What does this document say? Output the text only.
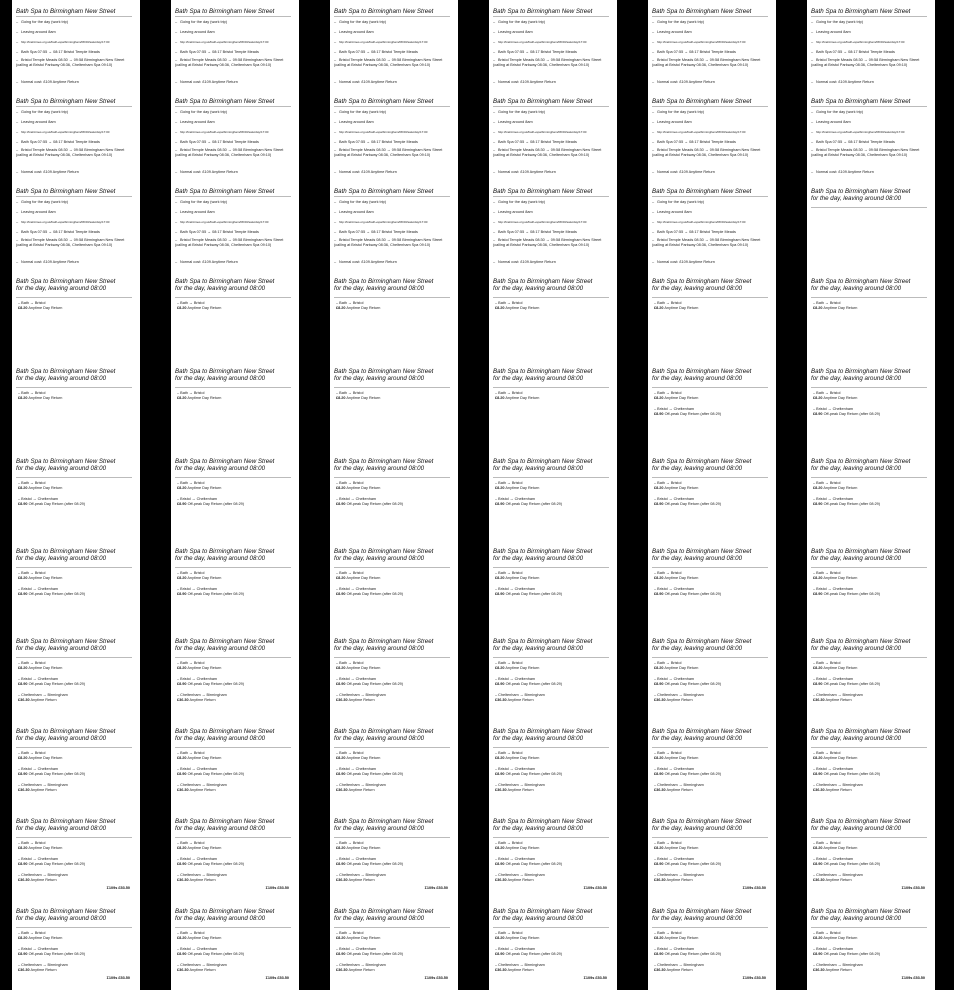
Bath Spa to Birmingham New Street
– Going for the day (work trip)
– Leaving around 8am
– http://traintimes.org.uk/bath+spa/birmingham/08:00/saturday/17:00
– Bath Spa 07:55 → 08:17 Bristol Temple Meads
– Bristol Temple Meads 08:30 → 09:58 Birmingham New Street (calling at Bristol Parkway 08:36, Cheltenham Spa 09:10)
– Normal cost: £109 Anytime Return
Bath Spa to Birmingham New Street
– Going for the day (work trip)
– Leaving around 8am
– http://traintimes.org.uk/bath+spa/birmingham/08:00/saturday/17:00
– Bath Spa 07:55 → 08:17 Bristol Temple Meads
– Bristol Temple Meads 08:30 → 09:58 Birmingham New Street (calling at Bristol Parkway 08:36, Cheltenham Spa 09:10)
– Normal cost: £109 Anytime Return
Bath Spa to Birmingham New Street
– Going for the day (work trip)
– Leaving around 8am
– http://traintimes.org.uk/bath+spa/birmingham/08:00/saturday/17:00
– Bath Spa 07:55 → 08:17 Bristol Temple Meads
– Bristol Temple Meads 08:30 → 09:58 Birmingham New Street (calling at Bristol Parkway 08:36, Cheltenham Spa 09:10)
– Normal cost: £109 Anytime Return
Bath Spa to Birmingham New Street
for the day, leaving around 08:00
– Bath → Bristol
£8.20 Anytime Day Return
Bath Spa to Birmingham New Street
for the day, leaving around 08:00
– Bath → Bristol
£8.20 Anytime Day Return
Bath Spa to Birmingham New Street
for the day, leaving around 08:00
– Bath → Bristol
£8.20 Anytime Day Return
– Bristol → Cheltenham
£8.90 Off-peak Day Return (after 08:29)
Bath Spa to Birmingham New Street
for the day, leaving around 08:00
– Bath → Bristol
£8.20 Anytime Day Return
– Bristol → Cheltenham
£8.90 Off-peak Day Return (after 08:29)
Bath Spa to Birmingham New Street
for the day, leaving around 08:00
– Bath → Bristol
£8.20 Anytime Day Return
– Bristol → Cheltenham
£8.90 Off-peak Day Return (after 08:29)
– Cheltenham → Birmingham
£36.30 Anytime Return
Bath Spa to Birmingham New Street
for the day, leaving around 08:00
– Bath → Bristol
£8.20 Anytime Day Return
– Bristol → Cheltenham
£8.90 Off-peak Day Return (after 08:29)
– Cheltenham → Birmingham
£36.30 Anytime Return
Bath Spa to Birmingham New Street
for the day, leaving around 08:00
– Bath → Bristol
£8.20 Anytime Day Return
– Bristol → Cheltenham
£8.90 Off-peak Day Return (after 08:29)
– Cheltenham → Birmingham
£36.30 Anytime Return
Σ109s £53.50
Bath Spa to Birmingham New Street
for the day, leaving around 08:00
– Bath → Bristol
£8.20 Anytime Day Return
– Bristol → Cheltenham
£8.90 Off-peak Day Return (after 08:29)
– Cheltenham → Birmingham
£36.30 Anytime Return
Σ109s £53.50
Bath Spa to Birmingham New Street
– Going for the day (work trip)
– Leaving around 8am
– http://traintimes.org.uk/bath+spa/birmingham/08:00/saturday/17:00
– Bath Spa 07:55 → 08:17 Bristol Temple Meads
– Bristol Temple Meads 08:30 → 09:58 Birmingham New Street (calling at Bristol Parkway 08:36, Cheltenham Spa 09:10)
– Normal cost: £109 Anytime Return
Bath Spa to Birmingham New Street
– Going for the day (work trip)
– Leaving around 8am
– http://traintimes.org.uk/bath+spa/birmingham/08:00/saturday/17:00
– Bath Spa 07:55 → 08:17 Bristol Temple Meads
– Bristol Temple Meads 08:30 → 09:58 Birmingham New Street (calling at Bristol Parkway 08:36, Cheltenham Spa 09:10)
– Normal cost: £109 Anytime Return
Bath Spa to Birmingham New Street
– Going for the day (work trip)
– Leaving around 8am
– http://traintimes.org.uk/bath+spa/birmingham/08:00/saturday/17:00
– Bath Spa 07:55 → 08:17 Bristol Temple Meads
– Bristol Temple Meads 08:30 → 09:58 Birmingham New Street (calling at Bristol Parkway 08:36, Cheltenham Spa 09:10)
– Normal cost: £109 Anytime Return
Bath Spa to Birmingham New Street
for the day, leaving around 08:00
– Bath → Bristol
£8.20 Anytime Day Return
Bath Spa to Birmingham New Street
for the day, leaving around 08:00
– Bath → Bristol
£8.20 Anytime Day Return
Bath Spa to Birmingham New Street
for the day, leaving around 08:00
– Bath → Bristol
£8.20 Anytime Day Return
– Bristol → Cheltenham
£8.90 Off-peak Day Return (after 08:29)
Bath Spa to Birmingham New Street
for the day, leaving around 08:00
– Bath → Bristol
£8.20 Anytime Day Return
– Bristol → Cheltenham
£8.90 Off-peak Day Return (after 08:29)
Bath Spa to Birmingham New Street
for the day, leaving around 08:00
– Bath → Bristol
£8.20 Anytime Day Return
– Bristol → Cheltenham
£8.90 Off-peak Day Return (after 08:29)
– Cheltenham → Birmingham
£36.30 Anytime Return
Bath Spa to Birmingham New Street
for the day, leaving around 08:00
– Bath → Bristol
£8.20 Anytime Day Return
– Bristol → Cheltenham
£8.90 Off-peak Day Return (after 08:29)
– Cheltenham → Birmingham
£36.30 Anytime Return
Bath Spa to Birmingham New Street
for the day, leaving around 08:00
– Bath → Bristol
£8.20 Anytime Day Return
– Bristol → Cheltenham
£8.90 Off-peak Day Return (after 08:29)
– Cheltenham → Birmingham
£36.30 Anytime Return
Σ109s £53.50
Bath Spa to Birmingham New Street
for the day, leaving around 08:00
– Bath → Bristol
£8.20 Anytime Day Return
– Bristol → Cheltenham
£8.90 Off-peak Day Return (after 08:29)
– Cheltenham → Birmingham
£36.30 Anytime Return
Σ109s £53.50
Bath Spa to Birmingham New Street
– Going for the day (work trip)
– Leaving around 8am
– http://traintimes.org.uk/bath+spa/birmingham/08:00/saturday/17:00
– Bath Spa 07:55 → 08:17 Bristol Temple Meads
– Bristol Temple Meads 08:30 → 09:58 Birmingham New Street (calling at Bristol Parkway 08:36, Cheltenham Spa 09:10)
– Normal cost: £109 Anytime Return
Bath Spa to Birmingham New Street
– Going for the day (work trip)
– Leaving around 8am
– http://traintimes.org.uk/bath+spa/birmingham/08:00/saturday/17:00
– Bath Spa 07:55 → 08:17 Bristol Temple Meads
– Bristol Temple Meads 08:30 → 09:58 Birmingham New Street (calling at Bristol Parkway 08:36, Cheltenham Spa 09:10)
– Normal cost: £109 Anytime Return
Bath Spa to Birmingham New Street
– Going for the day (work trip)
– Leaving around 8am
– http://traintimes.org.uk/bath+spa/birmingham/08:00/saturday/17:00
– Bath Spa 07:55 → 08:17 Bristol Temple Meads
– Bristol Temple Meads 08:30 → 09:58 Birmingham New Street (calling at Bristol Parkway 08:36, Cheltenham Spa 09:10)
– Normal cost: £109 Anytime Return
Bath Spa to Birmingham New Street
for the day, leaving around 08:00
– Bath → Bristol
£8.20 Anytime Day Return
Bath Spa to Birmingham New Street
for the day, leaving around 08:00
– Bath → Bristol
£8.20 Anytime Day Return
Bath Spa to Birmingham New Street
for the day, leaving around 08:00
– Bath → Bristol
£8.20 Anytime Day Return
– Bristol → Cheltenham
£8.90 Off-peak Day Return (after 08:29)
Bath Spa to Birmingham New Street
for the day, leaving around 08:00
– Bath → Bristol
£8.20 Anytime Day Return
– Bristol → Cheltenham
£8.90 Off-peak Day Return (after 08:29)
Bath Spa to Birmingham New Street
for the day, leaving around 08:00
– Bath → Bristol
£8.20 Anytime Day Return
– Bristol → Cheltenham
£8.90 Off-peak Day Return (after 08:29)
– Cheltenham → Birmingham
£36.30 Anytime Return
Bath Spa to Birmingham New Street
for the day, leaving around 08:00
– Bath → Bristol
£8.20 Anytime Day Return
– Bristol → Cheltenham
£8.90 Off-peak Day Return (after 08:29)
– Cheltenham → Birmingham
£36.30 Anytime Return
Bath Spa to Birmingham New Street
for the day, leaving around 08:00
– Bath → Bristol
£8.20 Anytime Day Return
– Bristol → Cheltenham
£8.90 Off-peak Day Return (after 08:29)
– Cheltenham → Birmingham
£36.30 Anytime Return
Σ109s £53.50
Bath Spa to Birmingham New Street
for the day, leaving around 08:00
– Bath → Bristol
£8.20 Anytime Day Return
– Bristol → Cheltenham
£8.90 Off-peak Day Return (after 08:29)
– Cheltenham → Birmingham
£36.30 Anytime Return
Σ109s £53.50
Bath Spa to Birmingham New Street
– Going for the day (work trip)
– Leaving around 8am
– http://traintimes.org.uk/bath+spa/birmingham/08:00/saturday/17:00
– Bath Spa 07:55 → 08:17 Bristol Temple Meads
– Bristol Temple Meads 08:30 → 09:58 Birmingham New Street (calling at Bristol Parkway 08:36, Cheltenham Spa 09:10)
– Normal cost: £109 Anytime Return
Bath Spa to Birmingham New Street
– Going for the day (work trip)
– Leaving around 8am
– http://traintimes.org.uk/bath+spa/birmingham/08:00/saturday/17:00
– Bath Spa 07:55 → 08:17 Bristol Temple Meads
– Bristol Temple Meads 08:30 → 09:58 Birmingham New Street (calling at Bristol Parkway 08:36, Cheltenham Spa 09:10)
– Normal cost: £109 Anytime Return
Bath Spa to Birmingham New Street
– Going for the day (work trip)
– Leaving around 8am
– http://traintimes.org.uk/bath+spa/birmingham/08:00/saturday/17:00
– Bath Spa 07:55 → 08:17 Bristol Temple Meads
– Bristol Temple Meads 08:30 → 09:58 Birmingham New Street (calling at Bristol Parkway 08:36, Cheltenham Spa 09:10)
– Normal cost: £109 Anytime Return
Bath Spa to Birmingham New Street
for the day, leaving around 08:00
– Bath → Bristol
£8.20 Anytime Day Return
Bath Spa to Birmingham New Street
for the day, leaving around 08:00
– Bath → Bristol
£8.20 Anytime Day Return
Bath Spa to Birmingham New Street
for the day, leaving around 08:00
– Bath → Bristol
£8.20 Anytime Day Return
– Bristol → Cheltenham
£8.90 Off-peak Day Return (after 08:29)
Bath Spa to Birmingham New Street
for the day, leaving around 08:00
– Bath → Bristol
£8.20 Anytime Day Return
– Bristol → Cheltenham
£8.90 Off-peak Day Return (after 08:29)
Bath Spa to Birmingham New Street
for the day, leaving around 08:00
– Bath → Bristol
£8.20 Anytime Day Return
– Bristol → Cheltenham
£8.90 Off-peak Day Return (after 08:29)
– Cheltenham → Birmingham
£36.30 Anytime Return
Bath Spa to Birmingham New Street
for the day, leaving around 08:00
– Bath → Bristol
£8.20 Anytime Day Return
– Bristol → Cheltenham
£8.90 Off-peak Day Return (after 08:29)
– Cheltenham → Birmingham
£36.30 Anytime Return
Bath Spa to Birmingham New Street
for the day, leaving around 08:00
– Bath → Bristol
£8.20 Anytime Day Return
– Bristol → Cheltenham
£8.90 Off-peak Day Return (after 08:29)
– Cheltenham → Birmingham
£36.30 Anytime Return
Σ109s £53.50
Bath Spa to Birmingham New Street
for the day, leaving around 08:00
– Bath → Bristol
£8.20 Anytime Day Return
– Bristol → Cheltenham
£8.90 Off-peak Day Return (after 08:29)
– Cheltenham → Birmingham
£36.30 Anytime Return
Σ109s £53.50
Bath Spa to Birmingham New Street
– Going for the day (work trip)
– Leaving around 8am
– http://traintimes.org.uk/bath+spa/birmingham/08:00/saturday/17:00
– Bath Spa 07:55 → 08:17 Bristol Temple Meads
– Bristol Temple Meads 08:30 → 09:58 Birmingham New Street (calling at Bristol Parkway 08:36, Cheltenham Spa 09:10)
– Normal cost: £109 Anytime Return
Bath Spa to Birmingham New Street
– Going for the day (work trip)
– Leaving around 8am
– http://traintimes.org.uk/bath+spa/birmingham/08:00/saturday/17:00
– Bath Spa 07:55 → 08:17 Bristol Temple Meads
– Bristol Temple Meads 08:30 → 09:58 Birmingham New Street (calling at Bristol Parkway 08:36, Cheltenham Spa 09:10)
– Normal cost: £109 Anytime Return
Bath Spa to Birmingham New Street
– Going for the day (work trip)
– Leaving around 8am
– http://traintimes.org.uk/bath+spa/birmingham/08:00/saturday/17:00
– Bath Spa 07:55 → 08:17 Bristol Temple Meads
– Bristol Temple Meads 08:30 → 09:58 Birmingham New Street (calling at Bristol Parkway 08:36, Cheltenham Spa 09:10)
– Normal cost: £109 Anytime Return
Bath Spa to Birmingham New Street
for the day, leaving around 08:00
– Bath → Bristol
£8.20 Anytime Day Return
Bath Spa to Birmingham New Street
for the day, leaving around 08:00
– Bath → Bristol
£8.20 Anytime Day Return
– Bristol → Cheltenham
£8.90 Off-peak Day Return (after 08:29)
Bath Spa to Birmingham New Street
for the day, leaving around 08:00
– Bath → Bristol
£8.20 Anytime Day Return
– Bristol → Cheltenham
£8.90 Off-peak Day Return (after 08:29)
Bath Spa to Birmingham New Street
for the day, leaving around 08:00
– Bath → Bristol
£8.20 Anytime Day Return
– Bristol → Cheltenham
£8.90 Off-peak Day Return (after 08:29)
Bath Spa to Birmingham New Street
for the day, leaving around 08:00
– Bath → Bristol
£8.20 Anytime Day Return
– Bristol → Cheltenham
£8.90 Off-peak Day Return (after 08:29)
– Cheltenham → Birmingham
£36.30 Anytime Return
Bath Spa to Birmingham New Street
for the day, leaving around 08:00
– Bath → Bristol
£8.20 Anytime Day Return
– Bristol → Cheltenham
£8.90 Off-peak Day Return (after 08:29)
– Cheltenham → Birmingham
£36.30 Anytime Return
Bath Spa to Birmingham New Street
for the day, leaving around 08:00
– Bath → Bristol
£8.20 Anytime Day Return
– Bristol → Cheltenham
£8.90 Off-peak Day Return (after 08:29)
– Cheltenham → Birmingham
£36.30 Anytime Return
Σ109s £53.50
Bath Spa to Birmingham New Street
for the day, leaving around 08:00
– Bath → Bristol
£8.20 Anytime Day Return
– Bristol → Cheltenham
£8.90 Off-peak Day Return (after 08:29)
– Cheltenham → Birmingham
£36.30 Anytime Return
Σ109s £53.50
Bath Spa to Birmingham New Street
– Going for the day (work trip)
– Leaving around 8am
– http://traintimes.org.uk/bath+spa/birmingham/08:00/saturday/17:00
– Bath Spa 07:55 → 08:17 Bristol Temple Meads
– Bristol Temple Meads 08:30 → 09:58 Birmingham New Street (calling at Bristol Parkway 08:36, Cheltenham Spa 09:10)
– Normal cost: £109 Anytime Return
Bath Spa to Birmingham New Street
– Going for the day (work trip)
– Leaving around 8am
– http://traintimes.org.uk/bath+spa/birmingham/08:00/saturday/17:00
– Bath Spa 07:55 → 08:17 Bristol Temple Meads
– Bristol Temple Meads 08:30 → 09:58 Birmingham New Street (calling at Bristol Parkway 08:36, Cheltenham Spa 09:10)
– Normal cost: £109 Anytime Return
Bath Spa to Birmingham New Street
for the day, leaving around 08:00
Bath Spa to Birmingham New Street
for the day, leaving around 08:00
– Bath → Bristol
£8.20 Anytime Day Return
Bath Spa to Birmingham New Street
for the day, leaving around 08:00
– Bath → Bristol
£8.20 Anytime Day Return
– Bristol → Cheltenham
£8.90 Off-peak Day Return (after 08:29)
Bath Spa to Birmingham New Street
for the day, leaving around 08:00
– Bath → Bristol
£8.20 Anytime Day Return
– Bristol → Cheltenham
£8.90 Off-peak Day Return (after 08:29)
Bath Spa to Birmingham New Street
for the day, leaving around 08:00
– Bath → Bristol
£8.20 Anytime Day Return
– Bristol → Cheltenham
£8.90 Off-peak Day Return (after 08:29)
Bath Spa to Birmingham New Street
for the day, leaving around 08:00
– Bath → Bristol
£8.20 Anytime Day Return
– Bristol → Cheltenham
£8.90 Off-peak Day Return (after 08:29)
– Cheltenham → Birmingham
£36.30 Anytime Return
Bath Spa to Birmingham New Street
for the day, leaving around 08:00
– Bath → Bristol
£8.20 Anytime Day Return
– Bristol → Cheltenham
£8.90 Off-peak Day Return (after 08:29)
– Cheltenham → Birmingham
£36.30 Anytime Return
Bath Spa to Birmingham New Street
for the day, leaving around 08:00
– Bath → Bristol
£8.20 Anytime Day Return
– Bristol → Cheltenham
£8.90 Off-peak Day Return (after 08:29)
– Cheltenham → Birmingham
£36.30 Anytime Return
Σ109s £53.50
Bath Spa to Birmingham New Street
for the day, leaving around 08:00
– Bath → Bristol
£8.20 Anytime Day Return
– Bristol → Cheltenham
£8.90 Off-peak Day Return (after 08:29)
– Cheltenham → Birmingham
£36.30 Anytime Return
Σ109s £53.50
